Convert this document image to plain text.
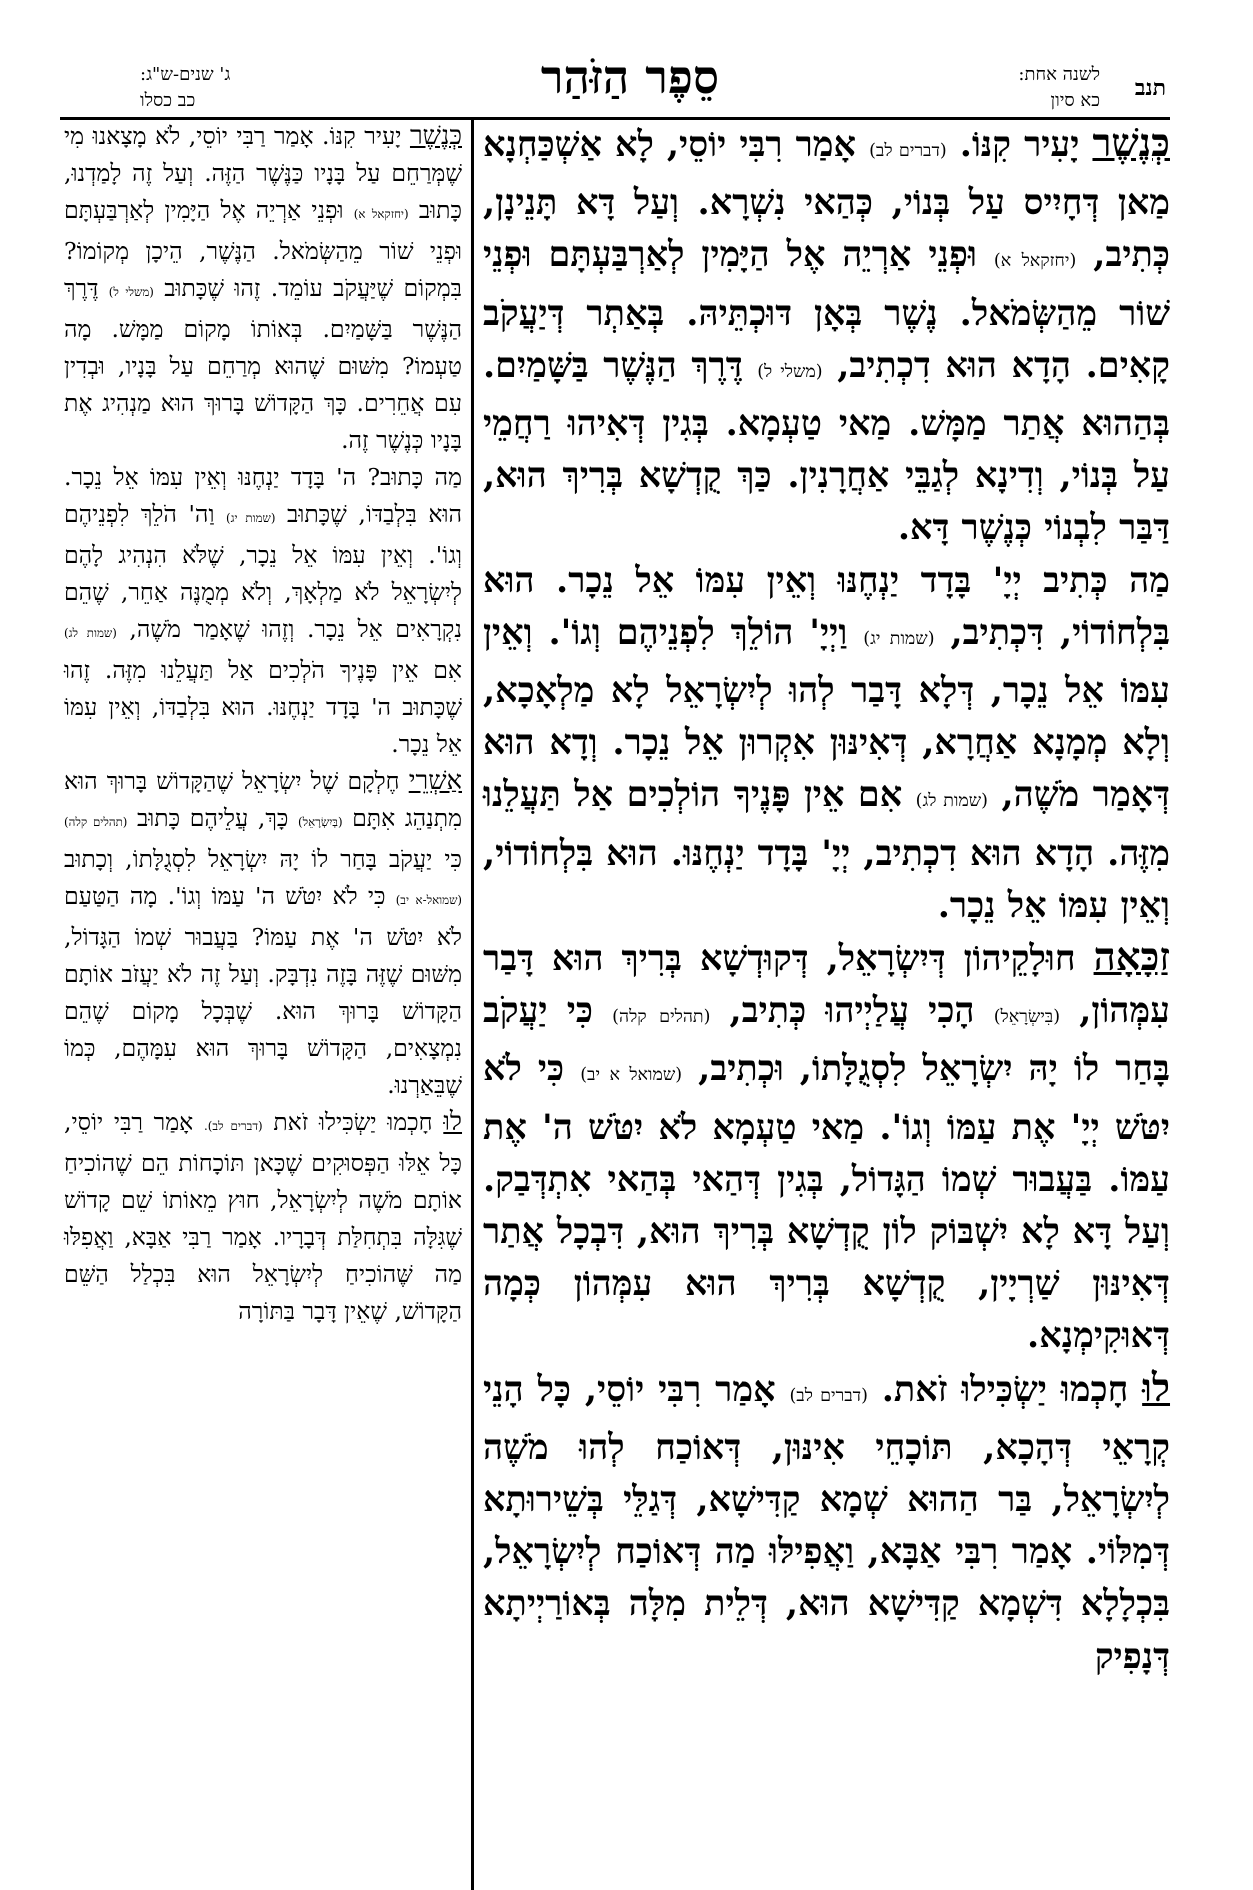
תנב
לשנה אחת:
כא סיון
סֵפֶר הַזֹּהַר
ג' שנים-ש"ג:
כב כסלו

כְּנֶשֶׁר יָעִיר קִנּוֹ. (דברים לב) אָמַר רִבִּי יוֹסֵי, לָא אַשְׁכַּחְנָא מַאן דְּחָיִיס עַל בְּנוֹי, כְּהַאי נִשְׁרָא. וְעַל דָּא תָּנֵינָן, כְּתִיב, (יחזקאל א) וּפְנֵי אַרְיֵה אֶל הַיָּמִין לְאַרְבַּעְתָּם וּפְנֵי שׁוֹר מֵהַשְּׂמֹאל. נֶשֶׁר בְּאָן דּוּכְתֵּיהּ. בְּאַתְר דְּיַעֲקֹב קָאִים. הָדָא הוּא דִכְתִיב, (משלי ל) דֶּרֶךְ הַנֶּשֶׁר בַּשָּׁמַיִם. בְּהַהוּא אֲתַר מַמָּשׁ. מַאי טַעְמָא. בְּגִין דְּאִיהוּ רַחֲמֵי עַל בְּנוֹי, וְדִינָא לְגַבֵּי אַחֲרָנִין. כַּךְ קֻדְשָׁא בְּרִיךְ הוּא, דַּבַּר לִבְנוֹי כְּנֶשֶׁר דָּא.

מַה כְּתִיב יְיָ' בָּדָד יַנְחֶנּוּ וְאֵין עִמּוֹ אֵל נֵכָר. הוּא בִּלְחוֹדוֹי, דִּכְתִיב, (שמות יג) וַיְיָ' הוֹלֵךְ לִפְנֵיהֶם וְגוֹ'. וְאֵין עִמּוֹ אֵל נֵכָר, דְּלָא דָּבַר לְהוּ לְיִשְׂרָאֵל לָא מַלְאָכָא, וְלָא מְמָנָא אַחֲרָא, דְּאִינּוּן אִקְרוּן אֵל נֵכָר. וְדָא הוּא דְּאָמַר מֹשֶׁה, (שמות לג) אִם אֵין פָּנֶיךָ הוֹלְכִים אַל תַּעֲלֵנוּ מִזֶּה. הָדָא הוּא דִכְתִיב, יְיָ' בָּדָד יַנְחֶנּוּ. הוּא בִּלְחוֹדוֹי, וְאֵין עִמּוֹ אֵל נֵכָר.

זַכָּאָה חוּלָקֵיהוֹן דְּיִשְׂרָאֵל, דְּקוּדְשָׁא בְּרִיךְ הוּא דָּבַר עִמְּהוֹן, (בִּישְׂרָאֵל) הָכִי עֲלַיְיהוּ כְּתִיב, (תהלים קלה) כִּי יַעֲקֹב בָּחַר לוֹ יָהּ יִשְׂרָאֵל לִסְגֻלָּתוֹ, וּכְתִיב, (שמואל א יב) כִּי לֹא יִטֹּשׁ יְיָ' אֶת עַמּוֹ וְגוֹ'. מַאי טַעְמָא לֹא יִטֹּשׁ ה' אֶת עַמּוֹ. בַּעֲבוּר שְׁמוֹ הַגָּדוֹל, בְּגִין דְּהַאי בְּהַאי אִתְדְּבַק. וְעַל דָּא לָא יִשְׁבּוֹק לוֹן קֻדְשָׁא בְּרִיךְ הוּא, דִּבְכָל אֲתַר דְּאִינּוּן שַׁרְיָין, קֻדְשָׁא בְּרִיךְ הוּא עִמְּהוֹן כְּמָה דְּאוּקִימְנָא.

לוּ חָכְמוּ יַשְׂכִּילוּ זֹאת. (דברים לב) אָמַר רִבִּי יוֹסֵי, כָּל הָנֵי קְרָאֵי דְּהָכָא, תּוֹכָחֵי אִינּוּן, דְּאוֹכַח לְהוּ מֹשֶׁה לְיִשְׂרָאֵל, בַּר הַהוּא שְׁמָא קַדִּישָׁא, דְּגַלֵּי בְּשֵׁירוּתָא דְּמִלּוֹי. אָמַר רִבִּי אַבָּא, וַאֲפִילּוּ מַה דְּאוֹכַח לְיִשְׂרָאֵל, בִּכְלָלָא דִּשְׁמָא קַדִּישָׁא הוּא, דְּלֵית מִלָּה בְּאוֹרַיְיתָא דְּנָפִיק

כְּנֶשֶׁר יָעִיר קִנּוֹ. אָמַר רַבִּי יוֹסֵי, לֹא מָצָאנוּ מִי שֶׁמְּרַחֵם עַל בָּנָיו כַּנֶּשֶׁר הַזֶּה. וְעַל זֶה לָמַדְנוּ, כָּתוּב (יחזקאל א) וּפְנֵי אַרְיֵה אֶל הַיָּמִין לְאַרְבַּעְתָּם וּפְנֵי שׁוֹר מֵהַשְּׂמֹאל. הַנֶּשֶׁר, הֵיכָן מְקוֹמוֹ? בִּמְקוֹם שֶׁיַּעֲקֹב עוֹמֵד. זֶהוּ שֶׁכָּתוּב (משלי ל) דֶּרֶךְ הַנֶּשֶׁר בַּשָּׁמַיִם. בְּאוֹתוֹ מָקוֹם מַמָּשׁ. מָה טַעְמוֹ? מִשּׁוּם שֶׁהוּא מְרַחֵם עַל בָּנָיו, וּבְדִין עִם אֲחֵרִים. כָּךְ הַקָּדוֹשׁ בָּרוּךְ הוּא מַנְהִיג אֶת בָּנָיו כְּנֶשֶׁר זֶה.

מַה כָּתוּב? ה' בָּדָד יַנְחֶנּוּ וְאֵין עִמּוֹ אֵל נֵכָר. הוּא בִּלְבַדּוֹ, שֶׁכָּתוּב (שמות יג) וַה' הֹלֵךְ לִפְנֵיהֶם וְגוֹ'. וְאֵין עִמּוֹ אֵל נֵכָר, שֶׁלֹּא הִנְהִיג לָהֶם לְיִשְׂרָאֵל לֹא מַלְאָךְ, וְלֹא מְמֻנֶּה אַחֵר, שֶׁהֵם נִקְרָאִים אֵל נֵכָר. וְזֶהוּ שֶׁאָמַר מֹשֶׁה, (שמות לג) אִם אֵין פָּנֶיךָ הֹלְכִים אַל תַּעֲלֵנוּ מִזֶּה. זֶהוּ שֶׁכָּתוּב ה' בָּדָד יַנְחֶנּוּ. הוּא בִּלְבַדּוֹ, וְאֵין עִמּוֹ אֵל נֵכָר.

אַשְׁרֵי חֶלְקָם שֶׁל יִשְׂרָאֵל שֶׁהַקָּדוֹשׁ בָּרוּךְ הוּא מִתְנַהֵג אִתָּם (בְּיִשְׂרָאֵל) כָּךְ, עֲלֵיהֶם כָּתוּב (תהלים קלה) כִּי יַעֲקֹב בָּחַר לוֹ יָהּ יִשְׂרָאֵל לִסְגֻלָּתוֹ, וְכָתוּב (שמואל-א יב) כִּי לֹא יִטֹּשׁ ה' עַמּוֹ וְגוֹ'. מָה הַטַּעַם לֹא יִטֹּשׁ ה' אֶת עַמּוֹ? בַּעֲבוּר שְׁמוֹ הַגָּדוֹל, מִשּׁוּם שֶׁזֶּה בָּזֶה נִדְבָּק. וְעַל זֶה לֹא יַעֲזֹב אוֹתָם הַקָּדוֹשׁ בָּרוּךְ הוּא. שֶׁבְּכָל מָקוֹם שֶׁהֵם נִמְצָאִים, הַקָּדוֹשׁ בָּרוּךְ הוּא עִמָּהֶם, כְּמוֹ שֶׁבֵּאַרְנוּ.

לוּ חָכְמוּ יַשְׂכִּילוּ זֹאת (דברים לב). אָמַר רַבִּי יוֹסֵי, כָּל אֵלּוּ הַפְּסוּקִים שֶׁכָּאן תּוֹכָחוֹת הֵם שֶׁהוֹכִיחַ אוֹתָם מֹשֶׁה לְיִשְׂרָאֵל, חוּץ מֵאוֹתוֹ שֵׁם קָדוֹשׁ שֶׁגִּלָּה בִּתְחִלַּת דְּבָרָיו. אָמַר רַבִּי אַבָּא, וַאֲפִלּוּ מַה שֶּׁהוֹכִיחַ לְיִשְׂרָאֵל הוּא בִּכְלַל הַשֵּׁם הַקָּדוֹשׁ, שֶׁאֵין דָּבָר בַּתּוֹרָה
